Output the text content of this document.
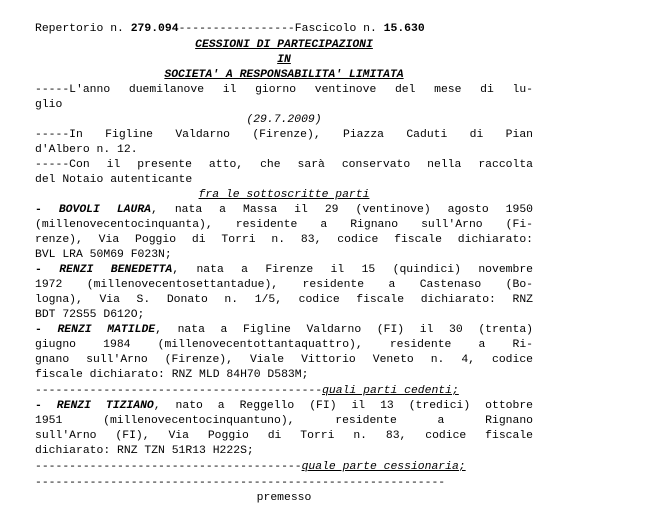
Repertorio n. 279.094-----------------Fascicolo n. 15.630
CESSIONI DI PARTECIPAZIONI
IN
SOCIETA' A RESPONSABILITA' LIMITATA
-----L'anno duemilanove il giorno ventinove del mese di lu-
glio
(29.7.2009)
-----In Figline Valdarno (Firenze), Piazza Caduti di Pian
d'Albero n. 12.
-----Con il presente atto, che sarà conservato nella raccolta
del Notaio autenticante
fra le sottoscritte parti
- BOVOLI LAURA, nata a Massa il 29 (ventinove) agosto 1950
(millenovecentocinquanta), residente a Rignano sull'Arno (Fi-
renze), Via Poggio di Torri n. 83, codice fiscale dichiarato:
BVL LRA 50M69 F023N;
- RENZI BENEDETTA, nata a Firenze il 15 (quindici) novembre
1972 (millenovecentosettantadue), residente a Castenaso (Bo-
logna), Via S. Donato n. 1/5, codice fiscale dichiarato: RNZ
BDT 72S55 D612O;
- RENZI MATILDE, nata a Figline Valdarno (FI) il 30 (trenta)
giugno 1984 (millenovecentottantaquattro), residente a Ri-
gnano sull'Arno (Firenze), Viale Vittorio Veneto n. 4, codice
fiscale dichiarato: RNZ MLD 84H70 D583M;
------------------------------------------quali parti cedenti;
- RENZI TIZIANO, nato a Reggello (FI) il 13 (tredici) ottobre
1951 (millenovecentocinquantuno), residente a Rignano
sull'Arno (FI), Via Poggio di Torri n. 83, codice fiscale
dichiarato: RNZ TZN 51R13 H222S;
---------------------------------------quale parte cessionaria;
------------------------------------------------------------
premesso
